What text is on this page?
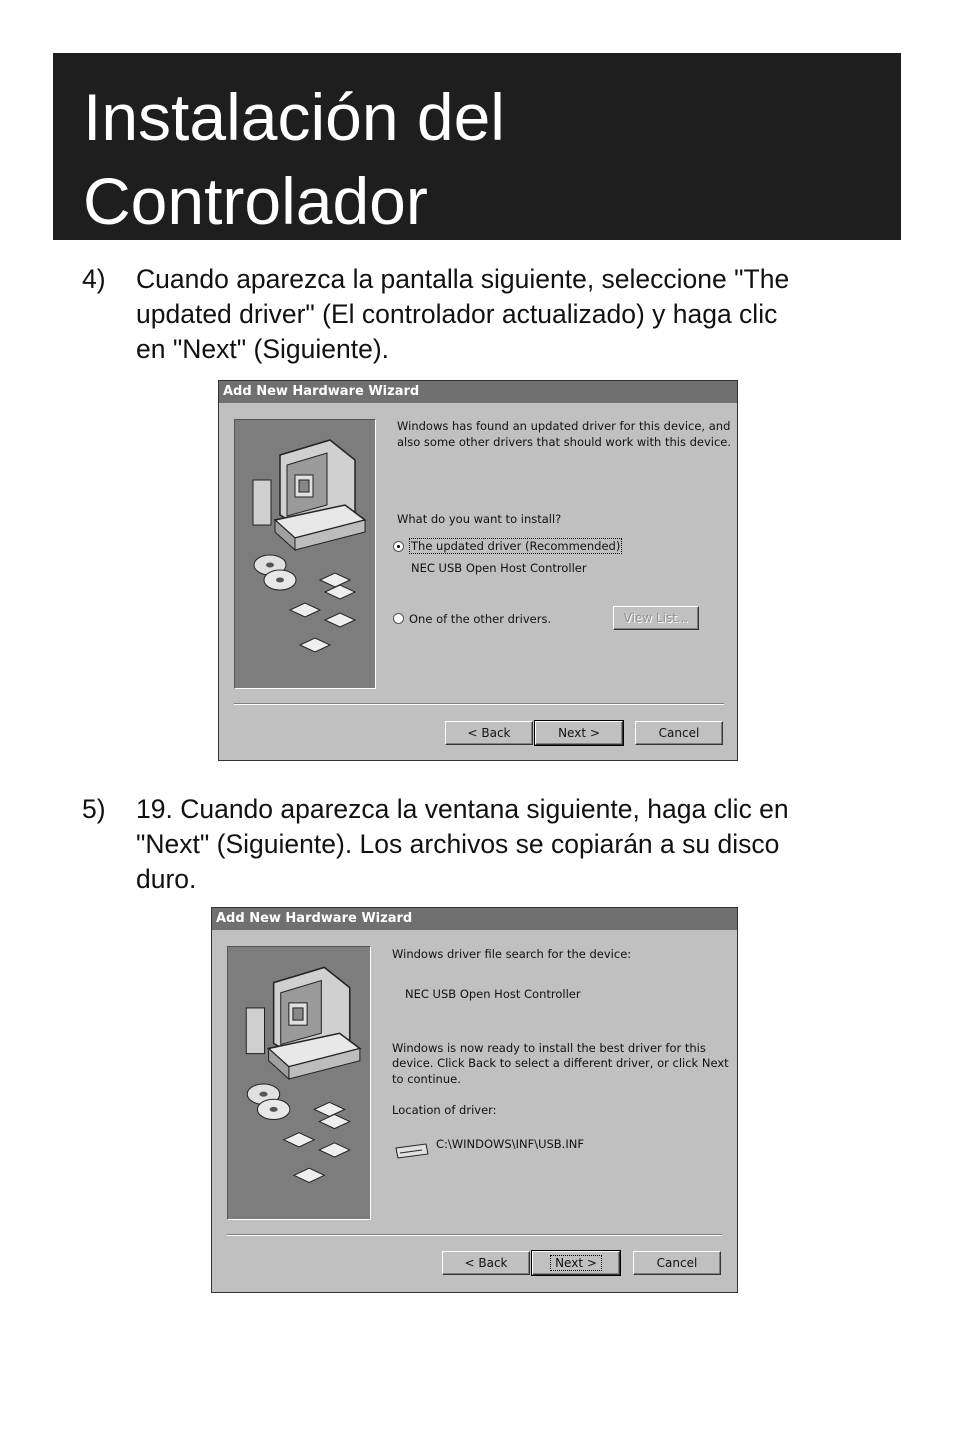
Instalación del
Controlador
4) Cuando aparezca la pantalla siguiente, seleccione "The
updated driver" (El controlador actualizado) y haga clic
en "Next" (Siguiente).
Add New Hardware Wizard
Windows has found an updated driver for this device, and
also some other drivers that should work with this device.
What do you want to install?
The updated driver (Recommended)
NEC USB Open Host Controller
One of the other drivers.	View List...
< Back	Next >	Cancel
5) 19. Cuando aparezca la ventana siguiente, haga clic en
"Next" (Siguiente). Los archivos se copiarán a su disco
duro.
Add New Hardware Wizard
Windows driver file search for the device:
NEC USB Open Host Controller
Windows is now ready to install the best driver for this
device. Click Back to select a different driver, or click Next
to continue.
Location of driver:
C:\WINDOWS\INF\USB.INF
< Back	Next >	Cancel
